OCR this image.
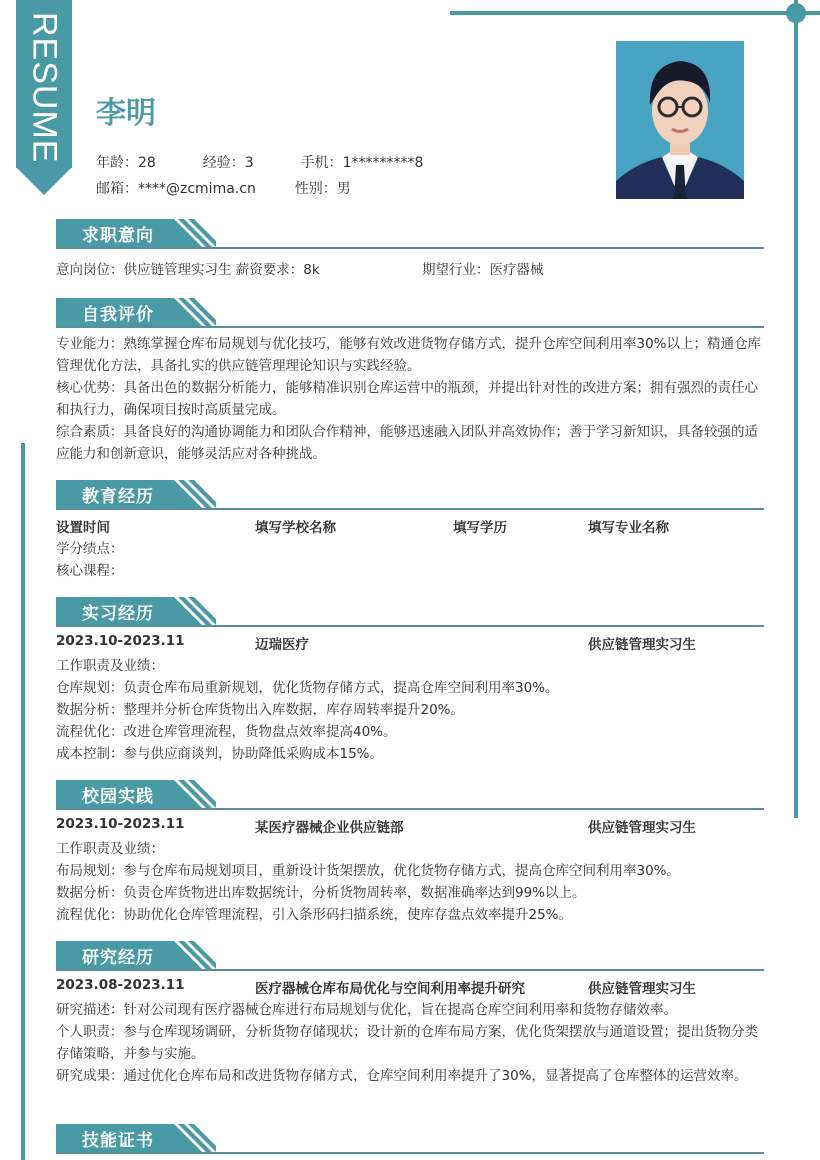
RESUME 李明
年龄：28	经验：3	手机：1*********8
邮箱：****@zcmima.cn	性别：男
求职意向
意向岗位：供应链管理实习生 薪资要求：8k	期望行业：医疗器械
自我评价
专业能力：熟练掌握仓库布局规划与优化技巧，能够有效改进货物存储方式，提升仓库空间利用率30%以上；精通仓库管理优化方法，具备扎实的供应链管理理论知识与实践经验。
核心优势：具备出色的数据分析能力，能够精准识别仓库运营中的瓶颈，并提出针对性的改进方案；拥有强烈的责任心和执行力，确保项目按时高质量完成。
综合素质：具备良好的沟通协调能力和团队合作精神，能够迅速融入团队并高效协作；善于学习新知识，具备较强的适应能力和创新意识，能够灵活应对各种挑战。
教育经历
设置时间	填写学校名称	填写学历	填写专业名称
学分绩点：
核心课程：
实习经历
2023.10-2023.11	迈瑞医疗	供应链管理实习生
工作职责及业绩：
仓库规划：负责仓库布局重新规划，优化货物存储方式，提高仓库空间利用率30%。
数据分析：整理并分析仓库货物出入库数据，库存周转率提升20%。
流程优化：改进仓库管理流程，货物盘点效率提高40%。
成本控制：参与供应商谈判，协助降低采购成本15%。
校园实践
2023.10-2023.11	某医疗器械企业供应链部	供应链管理实习生
工作职责及业绩：
布局规划：参与仓库布局规划项目，重新设计货架摆放，优化货物存储方式，提高仓库空间利用率30%。
数据分析：负责仓库货物进出库数据统计，分析货物周转率，数据准确率达到99%以上。
流程优化：协助优化仓库管理流程，引入条形码扫描系统，使库存盘点效率提升25%。
研究经历
2023.08-2023.11	医疗器械仓库布局优化与空间利用率提升研究	供应链管理实习生
研究描述：针对公司现有医疗器械仓库进行布局规划与优化，旨在提高仓库空间利用率和货物存储效率。
个人职责：参与仓库现场调研，分析货物存储现状；设计新的仓库布局方案，优化货架摆放与通道设置；提出货物分类存储策略，并参与实施。
研究成果：通过优化仓库布局和改进货物存储方式，仓库空间利用率提升了30%，显著提高了仓库整体的运营效率。
技能证书
